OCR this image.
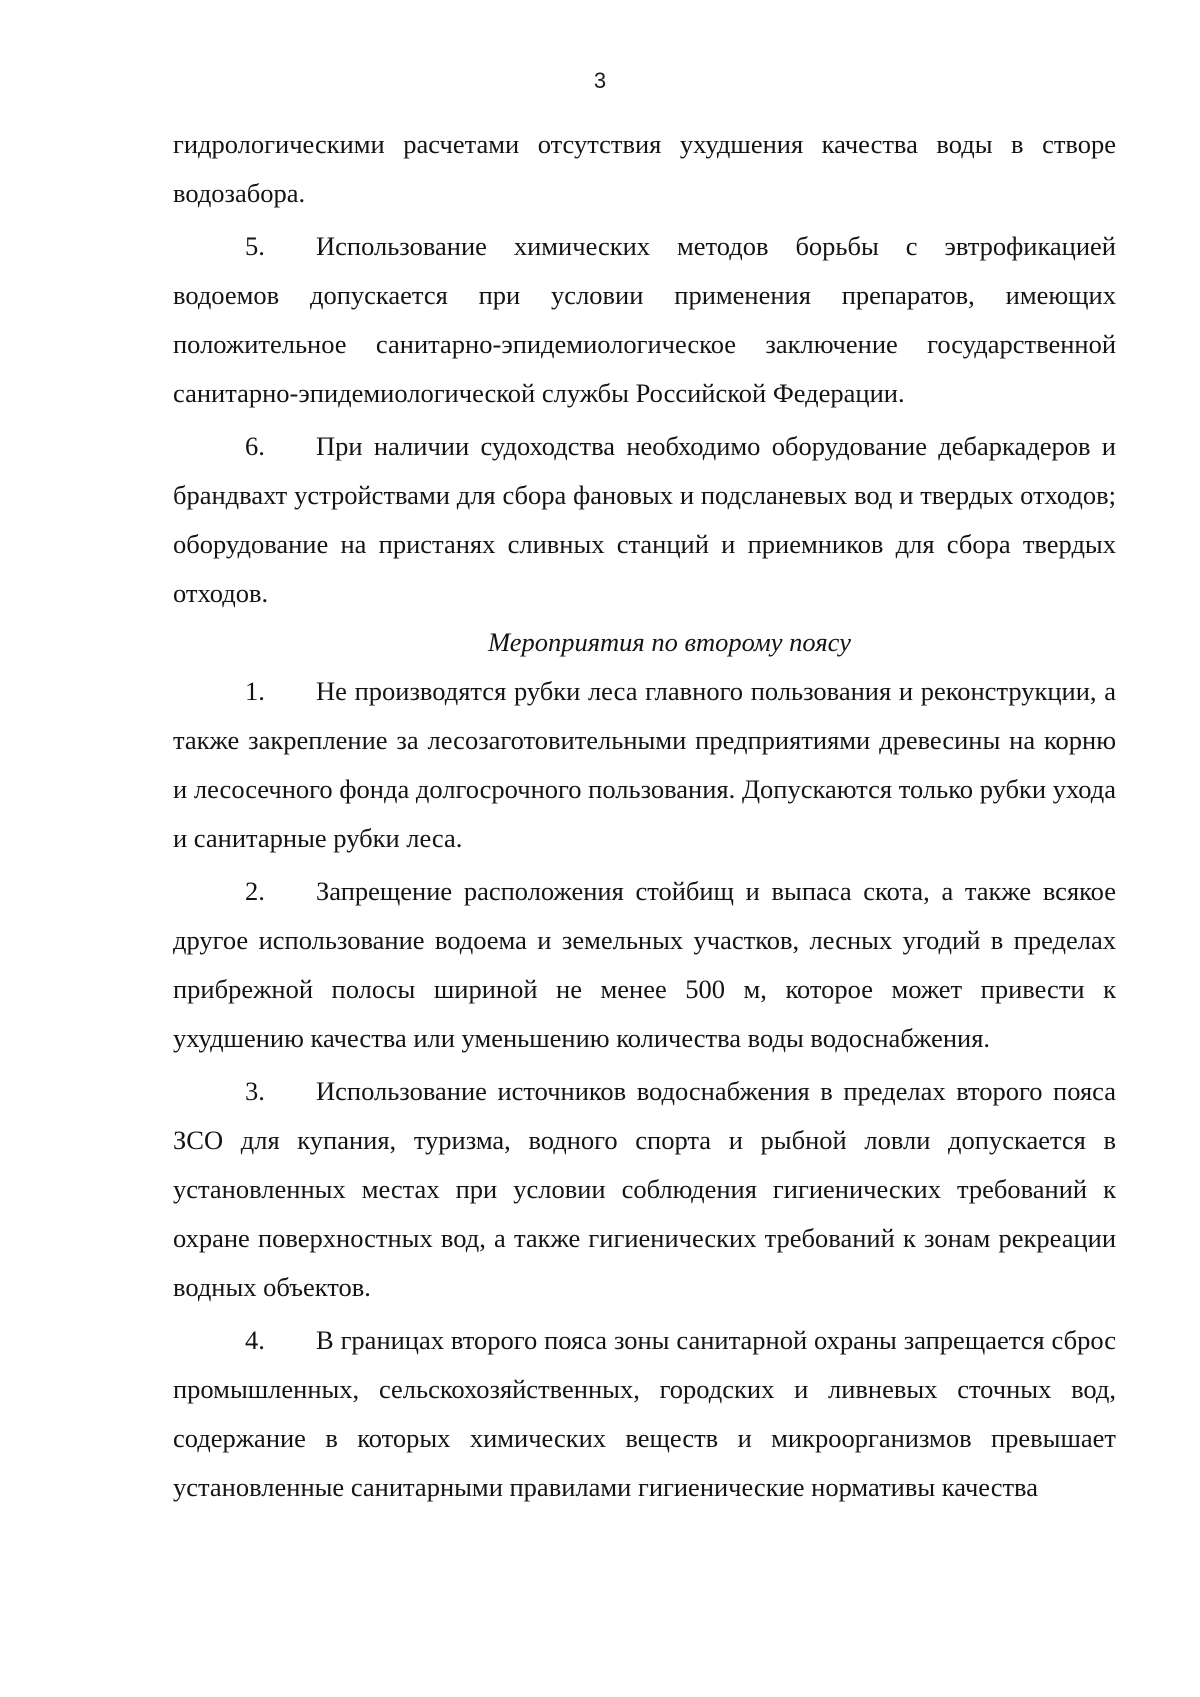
3

гидрологическими расчетами отсутствия ухудшения качества воды в створе водозабора.

5. Использование химических методов борьбы с эвтрофикацией водоемов допускается при условии применения препаратов, имеющих положительное санитарно-эпидемиологическое заключение государственной санитарно-эпидемиологической службы Российской Федерации.

6. При наличии судоходства необходимо оборудование дебаркадеров и брандвахт устройствами для сбора фановых и подсланевых вод и твердых отходов; оборудование на пристанях сливных станций и приемников для сбора твердых отходов.

Мероприятия по второму поясу

1. Не производятся рубки леса главного пользования и реконструкции, а также закрепление за лесозаготовительными предприятиями древесины на корню и лесосечного фонда долгосрочного пользования. Допускаются только рубки ухода и санитарные рубки леса.

2. Запрещение расположения стойбищ и выпаса скота, а также всякое другое использование водоема и земельных участков, лесных угодий в пределах прибрежной полосы шириной не менее 500 м, которое может привести к ухудшению качества или уменьшению количества воды водоснабжения.

3. Использование источников водоснабжения в пределах второго пояса ЗСО для купания, туризма, водного спорта и рыбной ловли допускается в установленных местах при условии соблюдения гигиенических требований к охране поверхностных вод, а также гигиенических требований к зонам рекреации водных объектов.

4. В границах второго пояса зоны санитарной охраны запрещается сброс промышленных, сельскохозяйственных, городских и ливневых сточных вод, содержание в которых химических веществ и микроорганизмов превышает установленные санитарными правилами гигиенические нормативы качества
